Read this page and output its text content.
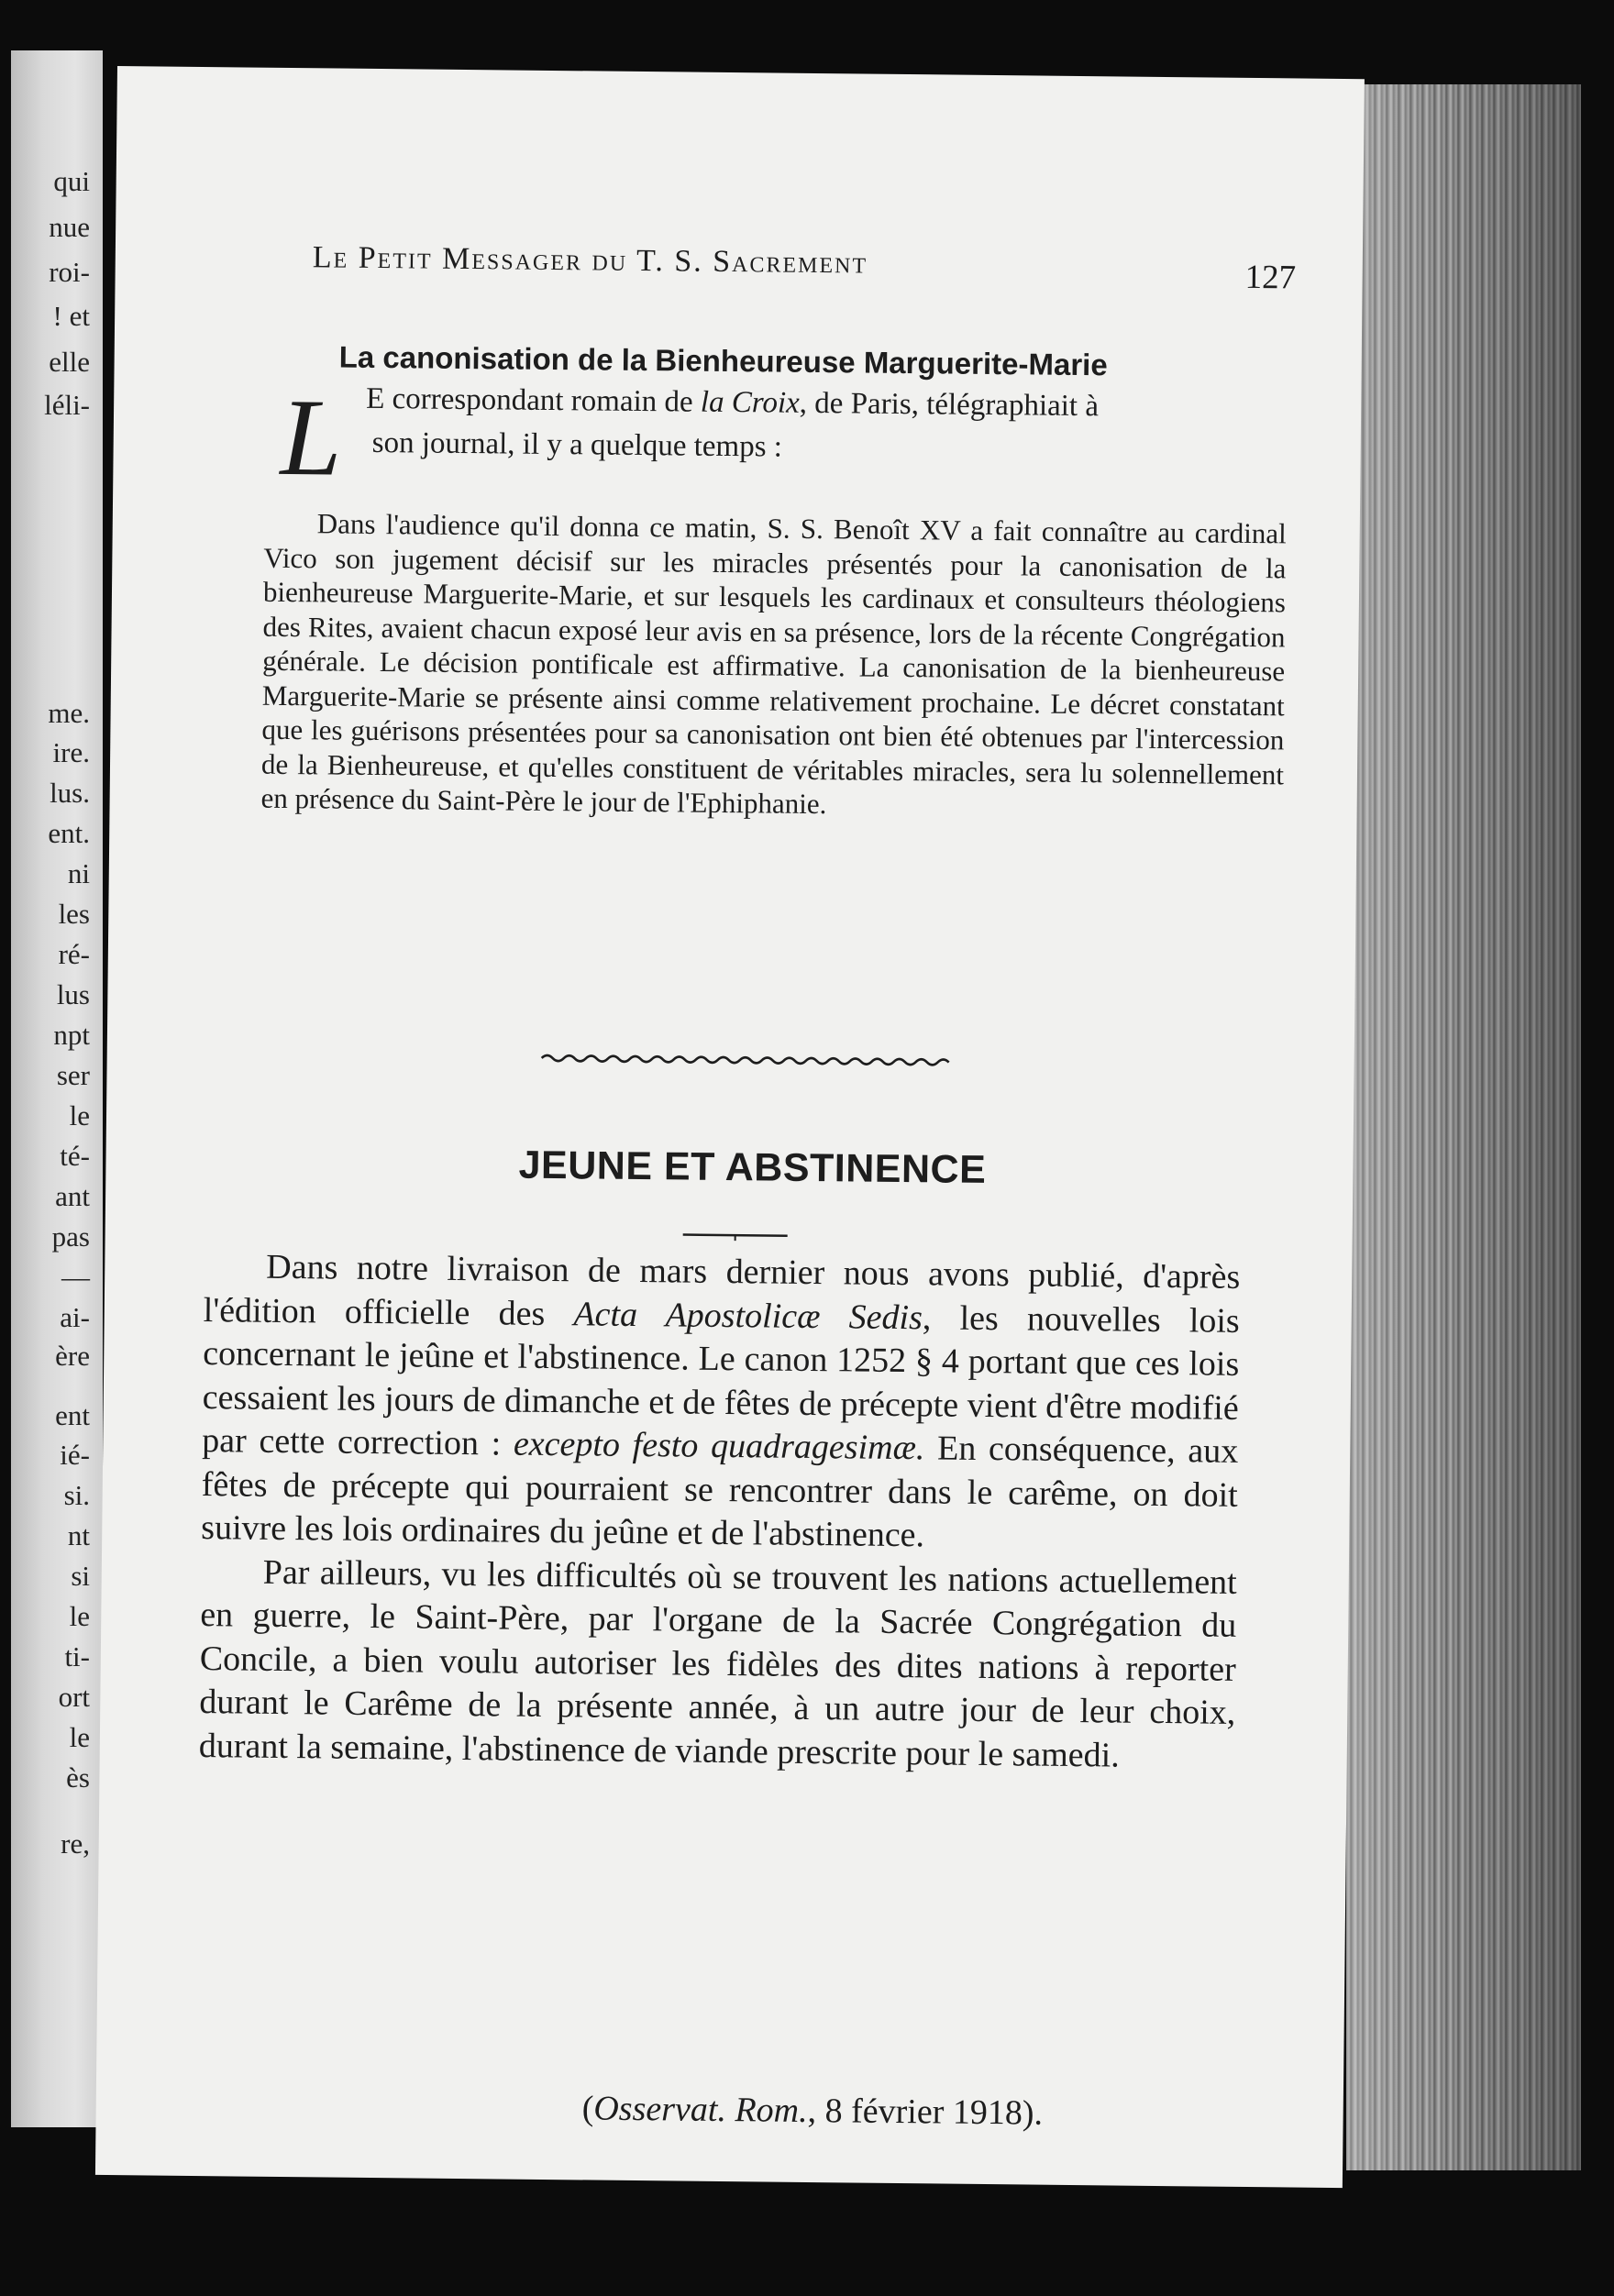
qui
nue
roi-
! et
elle
léli-
me.
ire.
lus.
ent.
ni
les
ré-
lus
npt
ser
le
té-
ant
pas
—
ai-
ère
ent
ié-
si.
nt
si
le
ti-
ort
le
ès
re,
Le Petit Messager du T. S. Sacrement	127
La canonisation de la Bienheureuse Marguerite-Marie
L E correspondant romain de la Croix, de Paris, télégraphiait à
son journal, il y a quelque temps :
Dans l'audience qu'il donna ce matin, S. S. Benoît XV a fait connaître au cardinal Vico son jugement décisif sur les miracles présentés pour la canonisation de la bienheureuse Marguerite-Marie, et sur lesquels les cardinaux et consulteurs théologiens des Rites, avaient chacun exposé leur avis en sa présence, lors de la récente Congrégation générale. Le décision pontificale est affirmative. La canonisation de la bienheureuse Marguerite-Marie se présente ainsi comme relativement prochaine. Le décret constatant que les guérisons présentées pour sa canonisation ont bien été obtenues par l'intercession de la Bienheureuse, et qu'elles constituent de véritables miracles, sera lu solennellement en présence du Saint-Père le jour de l'Ephiphanie.
JEUNE ET ABSTINENCE

Dans notre livraison de mars dernier nous avons publié, d'après l'édition officielle des Acta Apostolicæ Sedis, les nouvelles lois concernant le jeûne et l'abstinence. Le canon 1252 § 4 portant que ces lois cessaient les jours de dimanche et de fêtes de précepte vient d'être modifié par cette correction : excepto festo quadragesimæ. En conséquence, aux fêtes de précepte qui pourraient se rencontrer dans le carême, on doit suivre les lois ordinaires du jeûne et de l'abstinence.

Par ailleurs, vu les difficultés où se trouvent les nations actuellement en guerre, le Saint-Père, par l'organe de la Sacrée Congrégation du Concile, a bien voulu autoriser les fidèles des dites nations à reporter durant le Carême de la présente année, à un autre jour de leur choix, durant la semaine, l'abstinence de viande prescrite pour le samedi.

(Osservat. Rom., 8 février 1918).
